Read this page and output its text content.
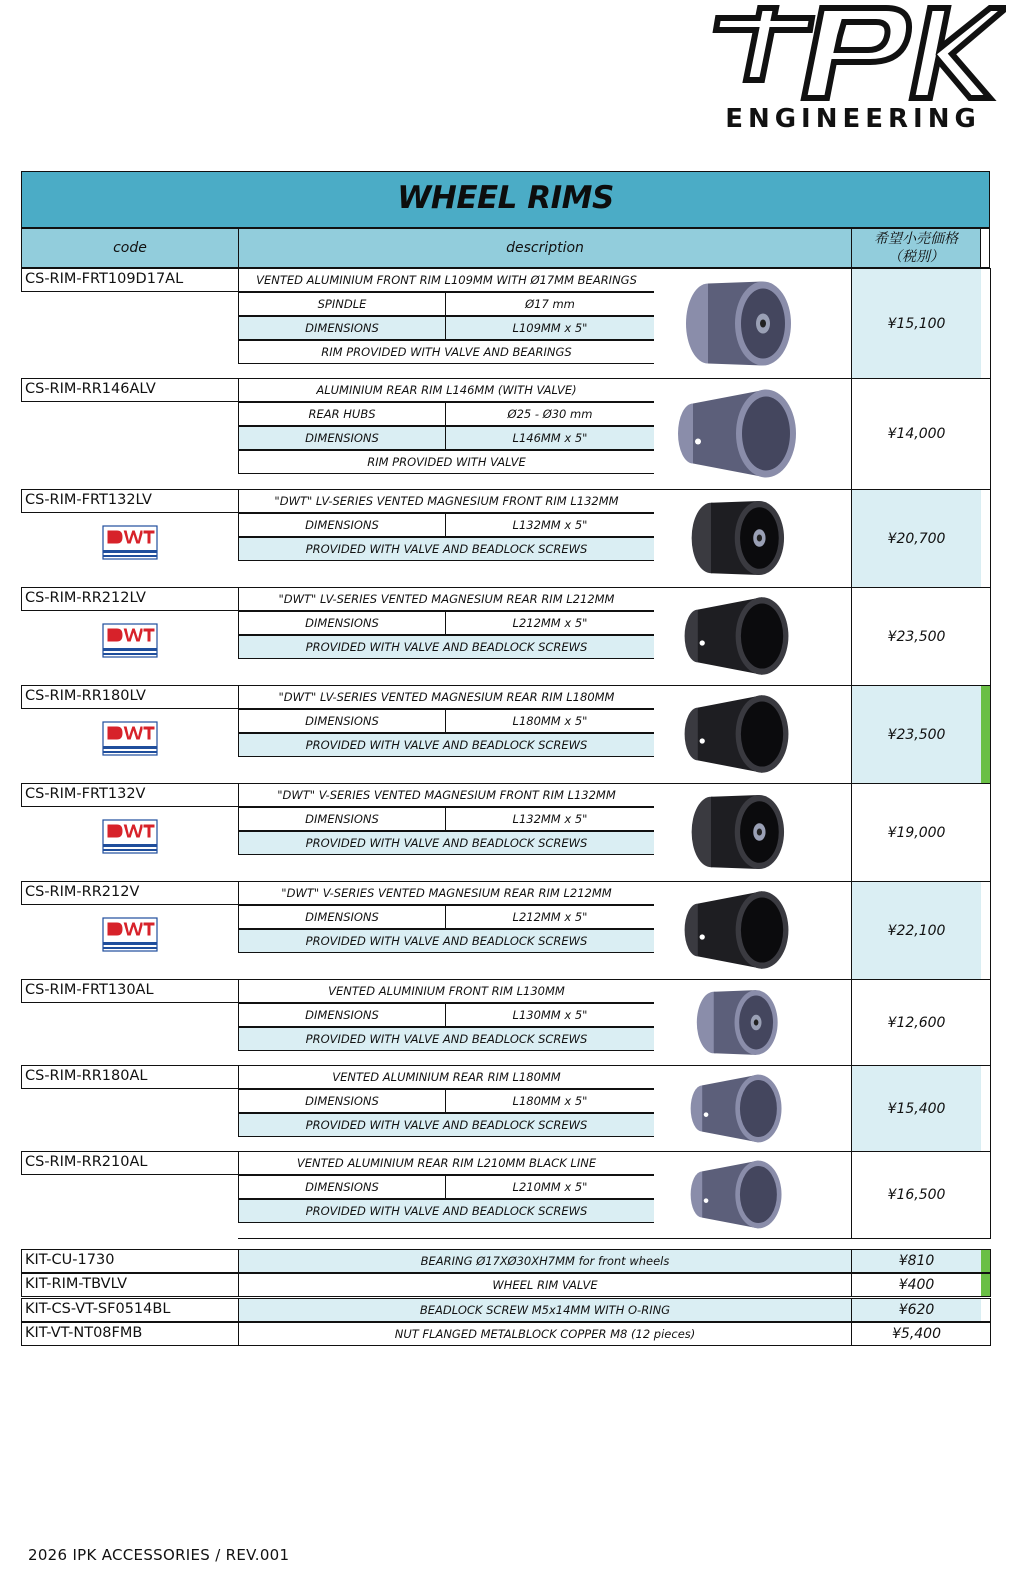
ENGINEERING
WHEEL RIMS
code	description
希望小売価格
（税別）
CS-RIM-FRT109D17AL	VENTED ALUMINIUM FRONT RIM L109MM WITH Ø17MM BEARINGS
SPINDLE	Ø17 mm
DIMENSIONS	L109MM x 5"
RIM PROVIDED WITH VALVE AND BEARINGS
¥15,100
CS-RIM-RR146ALV	ALUMINIUM REAR RIM L146MM (WITH VALVE)
REAR HUBS	Ø25 - Ø30 mm
DIMENSIONS	L146MM x 5"
RIM PROVIDED WITH VALVE
¥14,000
CS-RIM-FRT132LV	"DWT" LV-SERIES VENTED MAGNESIUM FRONT RIM L132MM
DIMENSIONS	L132MM x 5"
PROVIDED WITH VALVE AND BEADLOCK SCREWS
¥20,700
CS-RIM-RR212LV	"DWT" LV-SERIES VENTED MAGNESIUM REAR RIM L212MM
DIMENSIONS	L212MM x 5"
PROVIDED WITH VALVE AND BEADLOCK SCREWS
¥23,500
CS-RIM-RR180LV	"DWT" LV-SERIES VENTED MAGNESIUM REAR RIM L180MM
DIMENSIONS	L180MM x 5"
PROVIDED WITH VALVE AND BEADLOCK SCREWS
¥23,500
CS-RIM-FRT132V	"DWT" V-SERIES VENTED MAGNESIUM FRONT RIM L132MM
DIMENSIONS	L132MM x 5"
PROVIDED WITH VALVE AND BEADLOCK SCREWS
¥19,000
CS-RIM-RR212V	"DWT" V-SERIES VENTED MAGNESIUM REAR RIM L212MM
DIMENSIONS	L212MM x 5"
PROVIDED WITH VALVE AND BEADLOCK SCREWS
¥22,100
CS-RIM-FRT130AL	VENTED ALUMINIUM FRONT RIM L130MM
DIMENSIONS	L130MM x 5"
PROVIDED WITH VALVE AND BEADLOCK SCREWS
¥12,600
CS-RIM-RR180AL	VENTED ALUMINIUM REAR RIM L180MM
DIMENSIONS	L180MM x 5"
PROVIDED WITH VALVE AND BEADLOCK SCREWS
¥15,400
CS-RIM-RR210AL	VENTED ALUMINIUM REAR RIM L210MM BLACK LINE
DIMENSIONS	L210MM x 5"
PROVIDED WITH VALVE AND BEADLOCK SCREWS
¥16,500
KIT-CU-1730	BEARING Ø17XØ30XH7MM for front wheels	¥810
KIT-RIM-TBVLV	WHEEL RIM VALVE	¥400
KIT-CS-VT-SF0514BL	BEADLOCK SCREW M5x14MM WITH O-RING	¥620
KIT-VT-NT08FMB	NUT FLANGED METALBLOCK COPPER M8 (12 pieces)	¥5,400
2026 IPK ACCESSORIES / REV.001
